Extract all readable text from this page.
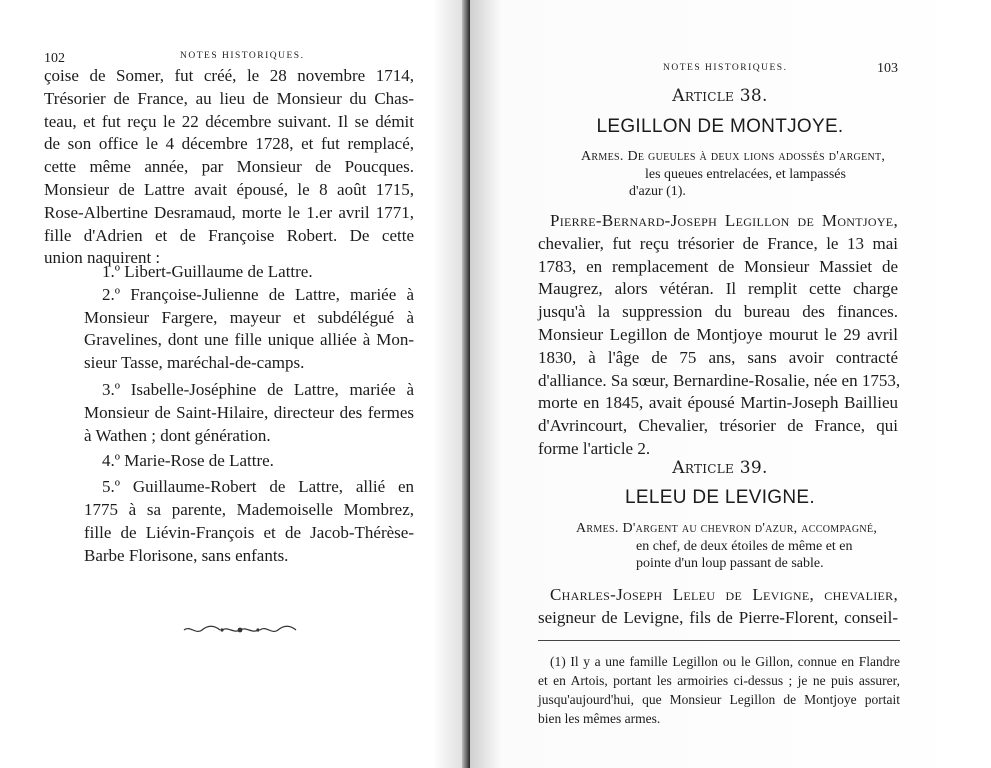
102	NOTES HISTORIQUES.
çoise de Somer, fut créé, le 28 novembre 1714,
Trésorier de France, au lieu de Monsieur du Chas-
teau, et fut reçu le 22 décembre suivant. Il se démit
de son office le 4 décembre 1728, et fut remplacé,
cette même année, par Monsieur de Poucques.
Monsieur de Lattre avait épousé, le 8 août 1715,
Rose-Albertine Desramaud, morte le 1.er avril 1771,
fille d'Adrien et de Françoise Robert. De cette
union naquirent :
1.º Libert-Guillaume de Lattre.
2.º Françoise-Julienne de Lattre, mariée à
Monsieur Fargere, mayeur et subdélégué à
Gravelines, dont une fille unique alliée à Mon-
sieur Tasse, maréchal-de-camps.
3.º Isabelle-Joséphine de Lattre, mariée à
Monsieur de Saint-Hilaire, directeur des fermes
à Wathen ; dont génération.
4.º Marie-Rose de Lattre.
5.º Guillaume-Robert de Lattre, allié en
1775 à sa parente, Mademoiselle Mombrez,
fille de Liévin-François et de Jacob-Thérèse-
Barbe Florisone, sans enfants.
NOTES HISTORIQUES.	103
Article 38.
LEGILLON DE MONTJOYE.
Armes. De gueules à deux lions adossés d'argent,
les queues entrelacées, et lampassés
d'azur (1).
Pierre-Bernard-Joseph Legillon de Montjoye,
chevalier, fut reçu trésorier de France, le 13 mai
1783, en remplacement de Monsieur Massiet de
Maugrez, alors vétéran. Il remplit cette charge
jusqu'à la suppression du bureau des finances.
Monsieur Legillon de Montjoye mourut le 29 avril
1830, à l'âge de 75 ans, sans avoir contracté
d'alliance. Sa sœur, Bernardine-Rosalie, née en 1753,
morte en 1845, avait épousé Martin-Joseph Baillieu
d'Avrincourt, Chevalier, trésorier de France, qui
forme l'article 2.
Article 39.
LELEU DE LEVIGNE.
Armes. D'argent au chevron d'azur, accompagné,
en chef, de deux étoiles de même et en
pointe d'un loup passant de sable.
Charles-Joseph Leleu de Levigne, chevalier,
seigneur de Levigne, fils de Pierre-Florent, conseil-
(1) Il y a une famille Legillon ou le Gillon, connue en Flandre
et en Artois, portant les armoiries ci-dessus ; je ne puis assurer,
jusqu'aujourd'hui, que Monsieur Legillon de Montjoye portait
bien les mêmes armes.
